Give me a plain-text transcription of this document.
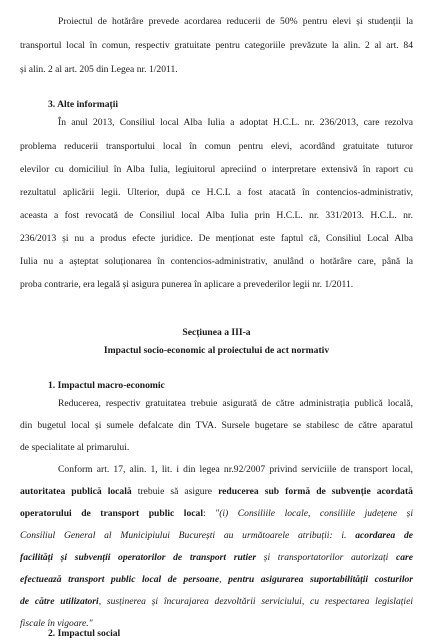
Proiectul de hotărâre prevede acordarea reducerii de 50% pentru elevi și studenții la
transportul local în comun, respectiv gratuitate pentru categoriile prevăzute la alin. 2 al art. 84
și alin. 2 al art. 205 din Legea nr. 1/2011.
3. Alte informații
În anul 2013, Consiliul local Alba Iulia a adoptat H.C.L. nr. 236/2013, care rezolva
problema reducerii transportului local în comun pentru elevi, acordând gratuitate tuturor
elevilor cu domiciliul în Alba Iulia, legiuitorul apreciind o interpretare extensivă în raport cu
rezultatul aplicării legii. Ulterior, după ce H.C.L a fost atacată în contencios-administrativ,
aceasta a fost revocată de Consiliul local Alba Iulia prin H.C.L. nr. 331/2013. H.C.L. nr.
236/2013 și nu a produs efecte juridice. De menționat este faptul că, Consiliul Local Alba
Iulia nu a așteptat soluționarea în contencios-administrativ, anulând o hotărâre care, până la
proba contrarie, era legală și asigura punerea în aplicare a prevederilor legii nr. 1/2011.
Secțiunea a III-a
Impactul socio-economic al proiectului de act normativ
1. Impactul macro-economic
Reducerea, respectiv gratuitatea trebuie asigurată de către administrația publică locală,
din bugetul local și sumele defalcate din TVA. Sursele bugetare se stabilesc de către aparatul
de specialitate al primarului.
Conform art. 17, alin. 1, lit. i din legea nr.92/2007 privind serviciile de transport local,
autoritatea publică locală trebuie să asigure reducerea sub formă de subvenție acordată
operatorului de transport public local: "(i) Consiliile locale, consiliile județene și
Consiliul General al Municipiului București au următoarele atribuții: i. acordarea de
facilități și subvenții operatorilor de transport rutier și transportatorilor autorizați care
efectuează transport public local de persoane, pentru asigurarea suportabilității costurilor
de către utilizatori, susținerea și încurajarea dezvoltării serviciului, cu respectarea legislației
fiscale în vigoare."
2. Impactul social
